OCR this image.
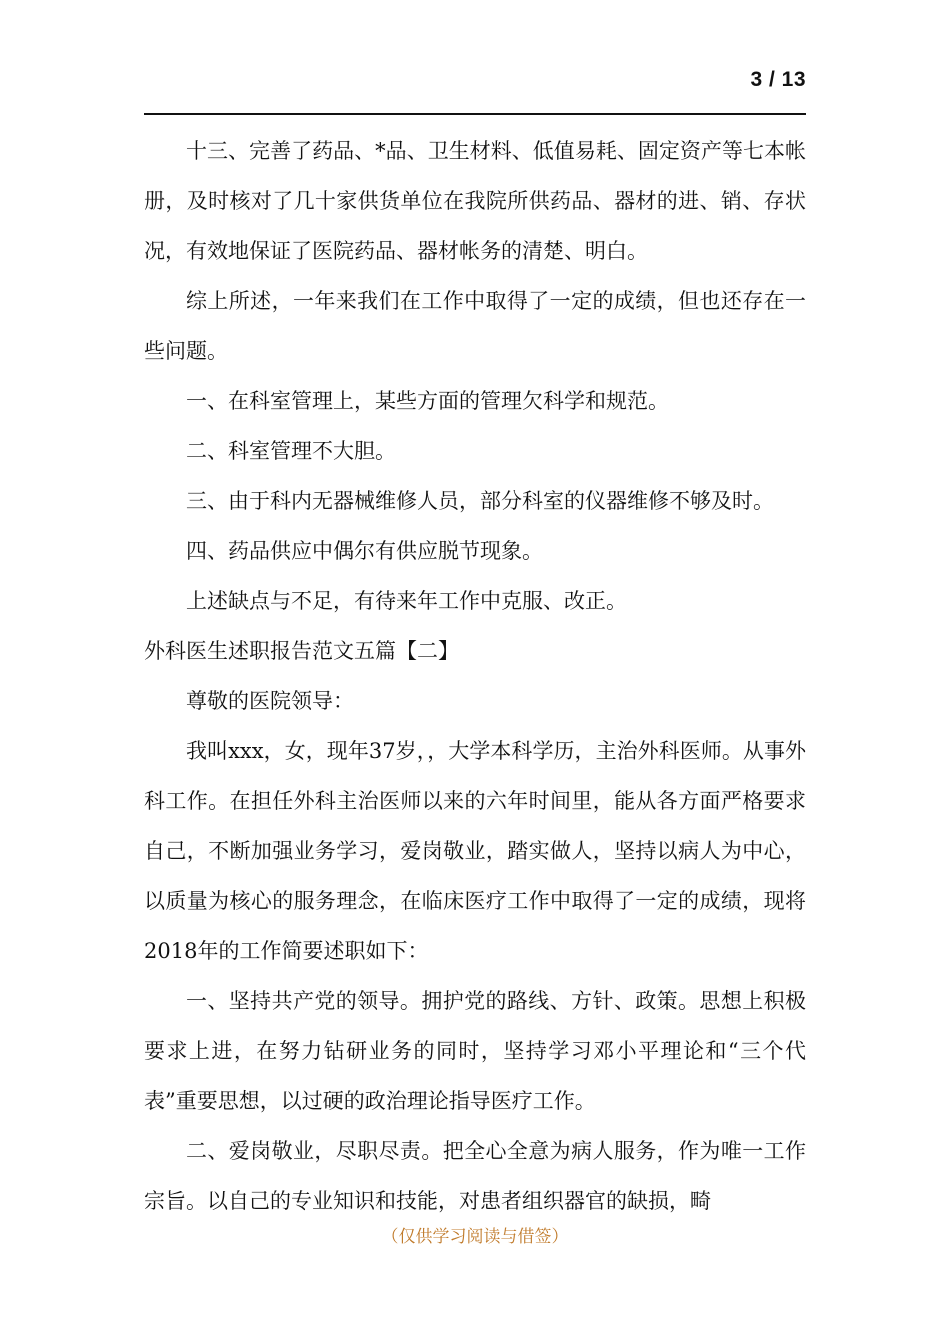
3 / 13

十三、完善了药品、*品、卫生材料、低值易耗、固定资产等七本帐册，及时核对了几十家供货单位在我院所供药品、器材的进、销、存状况，有效地保证了医院药品、器材帐务的清楚、明白。

综上所述，一年来我们在工作中取得了一定的成绩，但也还存在一些问题。

一、在科室管理上，某些方面的管理欠科学和规范。

二、科室管理不大胆。

三、由于科内无器械维修人员，部分科室的仪器维修不够及时。

四、药品供应中偶尔有供应脱节现象。

上述缺点与不足，有待来年工作中克服、改正。

外科医生述职报告范文五篇【二】

尊敬的医院领导：

我叫xxx，女，现年37岁，，大学本科学历，主治外科医师。从事外科工作。在担任外科主治医师以来的六年时间里，能从各方面严格要求自己，不断加强业务学习，爱岗敬业，踏实做人，坚持以病人为中心，以质量为核心的服务理念，在临床医疗工作中取得了一定的成绩，现将2018年的工作简要述职如下：

一、坚持共产党的领导。拥护党的路线、方针、政策。思想上积极要求上进，在努力钻研业务的同时，坚持学习邓小平理论和“三个代表”重要思想，以过硬的政治理论指导医疗工作。

二、爱岗敬业，尽职尽责。把全心全意为病人服务，作为唯一工作宗旨。以自己的专业知识和技能，对患者组织器官的缺损，畸

（仅供学习阅读与借签）
